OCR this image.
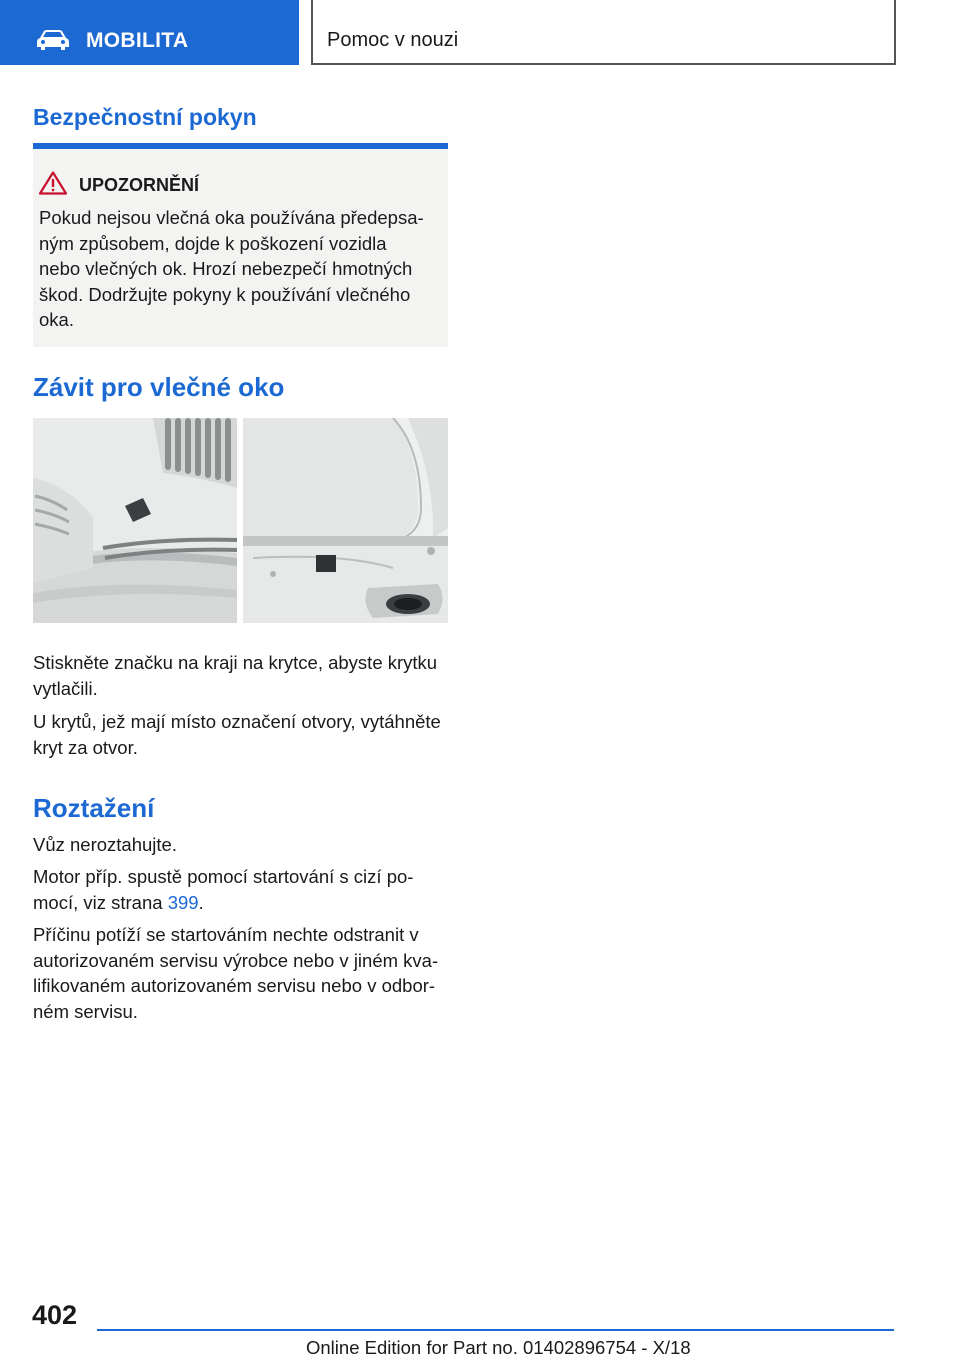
MOBILITA	Pomoc v nouzi
Bezpečnostní pokyn
UPOZORNĚNÍ
Pokud nejsou vlečná oka používána předepsa-
ným způsobem, dojde k poškození vozidla
nebo vlečných ok. Hrozí nebezpečí hmotných
škod. Dodržujte pokyny k používání vlečného
oka.
Závit pro vlečné oko
Stiskněte značku na kraji na krytce, abyste krytku
vytlačili.
U krytů, jež mají místo označení otvory, vytáhněte
kryt za otvor.
Roztažení
Vůz neroztahujte.
Motor příp. spustě pomocí startování s cizí po-
mocí, viz strana 399.
Příčinu potíží se startováním nechte odstranit v
autorizovaném servisu výrobce nebo v jiném kva-
lifikovaném autorizovaném servisu nebo v odbor-
ném servisu.
402
Online Edition for Part no. 01402896754 - X/18
